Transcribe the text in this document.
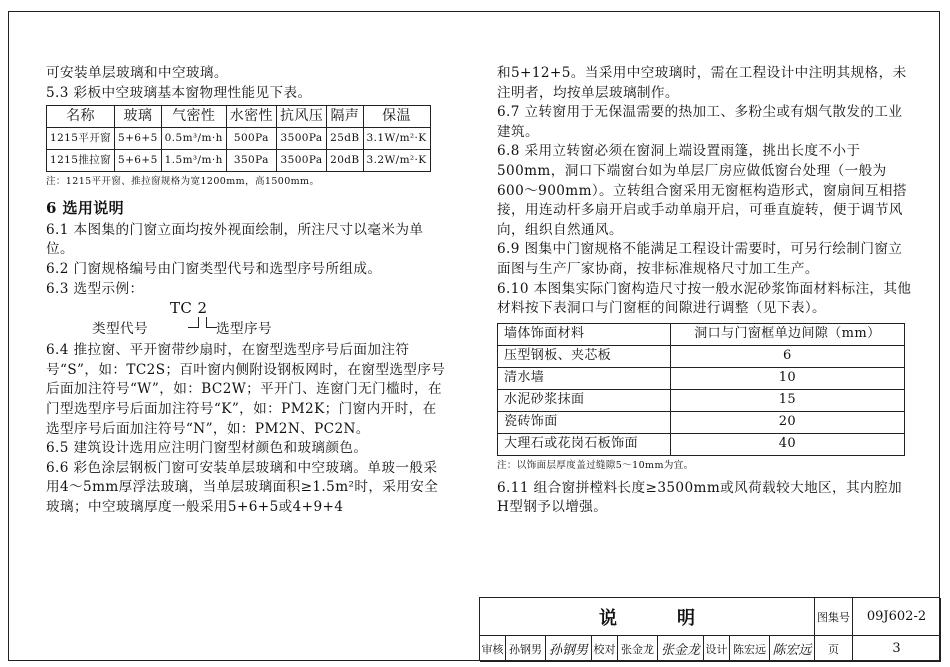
可安装单层玻璃和中空玻璃。

5.3 彩板中空玻璃基本窗物理性能见下表。

名称	玻璃	气密性	水密性	抗风压	隔声	保温
1215平开窗	5+6+5	0.5m³/m·h	500Pa	3500Pa	25dB	3.1W/m²·K
1215推拉窗	5+6+5	1.5m³/m·h	350Pa	3500Pa	20dB	3.2W/m²·K

注：1215平开窗、推拉窗规格为宽1200mm，高1500mm。

6 选用说明

6.1 本图集的门窗立面均按外视面绘制，所注尺寸以毫米为单位。

6.2 门窗规格编号由门窗类型代号和选型序号所组成。

6.3 选型示例：

TC 2
类型代号	选型序号

6.4 推拉窗、平开窗带纱扇时，在窗型选型序号后面加注符号“S”，如：TC2S；百叶窗内侧附设钢板网时，在窗型选型序号后面加注符号“W”，如：BC2W；平开门、连窗门无门槛时，在门型选型序号后面加注符号“K”，如：PM2K；门窗内开时，在选型序号后面加注符号“N”，如：PM2N、PC2N。

6.5 建筑设计选用应注明门窗型材颜色和玻璃颜色。

6.6 彩色涂层钢板门窗可安装单层玻璃和中空玻璃。单玻一般采用4～5mm厚浮法玻璃，当单层玻璃面积≥1.5m²时，采用安全玻璃；中空玻璃厚度一般采用5+6+5或4+9+4

和5+12+5。当采用中空玻璃时，需在工程设计中注明其规格，未注明者，均按单层玻璃制作。

6.7 立转窗用于无保温需要的热加工、多粉尘或有烟气散发的工业建筑。

6.8 采用立转窗必须在窗洞上端设置雨篷，挑出长度不小于500mm，洞口下端窗台如为单层厂房应做低窗台处理（一般为600～900mm）。立转组合窗采用无窗框构造形式，窗扇间互相搭接，用连动杆多扇开启或手动单扇开启，可垂直旋转，便于调节风向，组织自然通风。

6.9 图集中门窗规格不能满足工程设计需要时，可另行绘制门窗立面图与生产厂家协商，按非标准规格尺寸加工生产。

6.10 本图集实际门窗构造尺寸按一般水泥砂浆饰面材料标注，其他材料按下表洞口与门窗框的间隙进行调整（见下表）。

墙体饰面材料	洞口与门窗框单边间隙（mm）
压型钢板、夹芯板	6
清水墙	10
水泥砂浆抹面	15
瓷砖饰面	20
大理石或花岗石板饰面	40

注：以饰面层厚度盖过缝隙5～10mm为宜。

6.11 组合窗拼樘料长度≥3500mm或风荷载较大地区，其内腔加H型钢予以增强。

说明	图集号	09J602-2
审核 孙钢男 孙钢男 校对 张金龙 张金龙 设计 陈宏远 陈宏远	页	3
